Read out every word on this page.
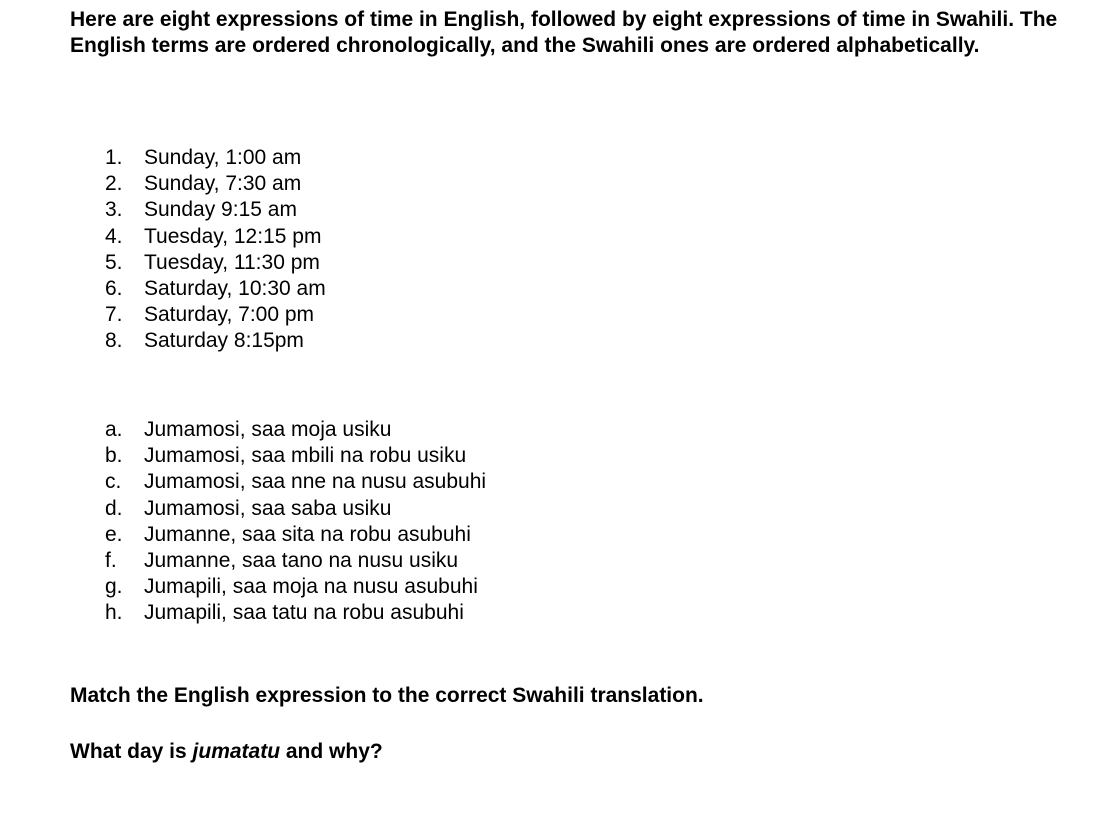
Here are eight expressions of time in English, followed by eight expressions of time in Swahili. The English terms are ordered chronologically, and the Swahili ones are ordered alphabetically.

1. Sunday, 1:00 am
2. Sunday, 7:30 am
3. Sunday 9:15 am
4. Tuesday, 12:15 pm
5. Tuesday, 11:30 pm
6. Saturday, 10:30 am
7. Saturday, 7:00 pm
8. Saturday 8:15pm
a. Jumamosi, saa moja usiku
b. Jumamosi, saa mbili na robu usiku
c. Jumamosi, saa nne na nusu asubuhi
d. Jumamosi, saa saba usiku
e. Jumanne, saa sita na robu asubuhi
f. Jumanne, saa tano na nusu usiku
g. Jumapili, saa moja na nusu asubuhi
h. Jumapili, saa tatu na robu asubuhi

Match the English expression to the correct Swahili translation.

What day is jumatatu and why?
